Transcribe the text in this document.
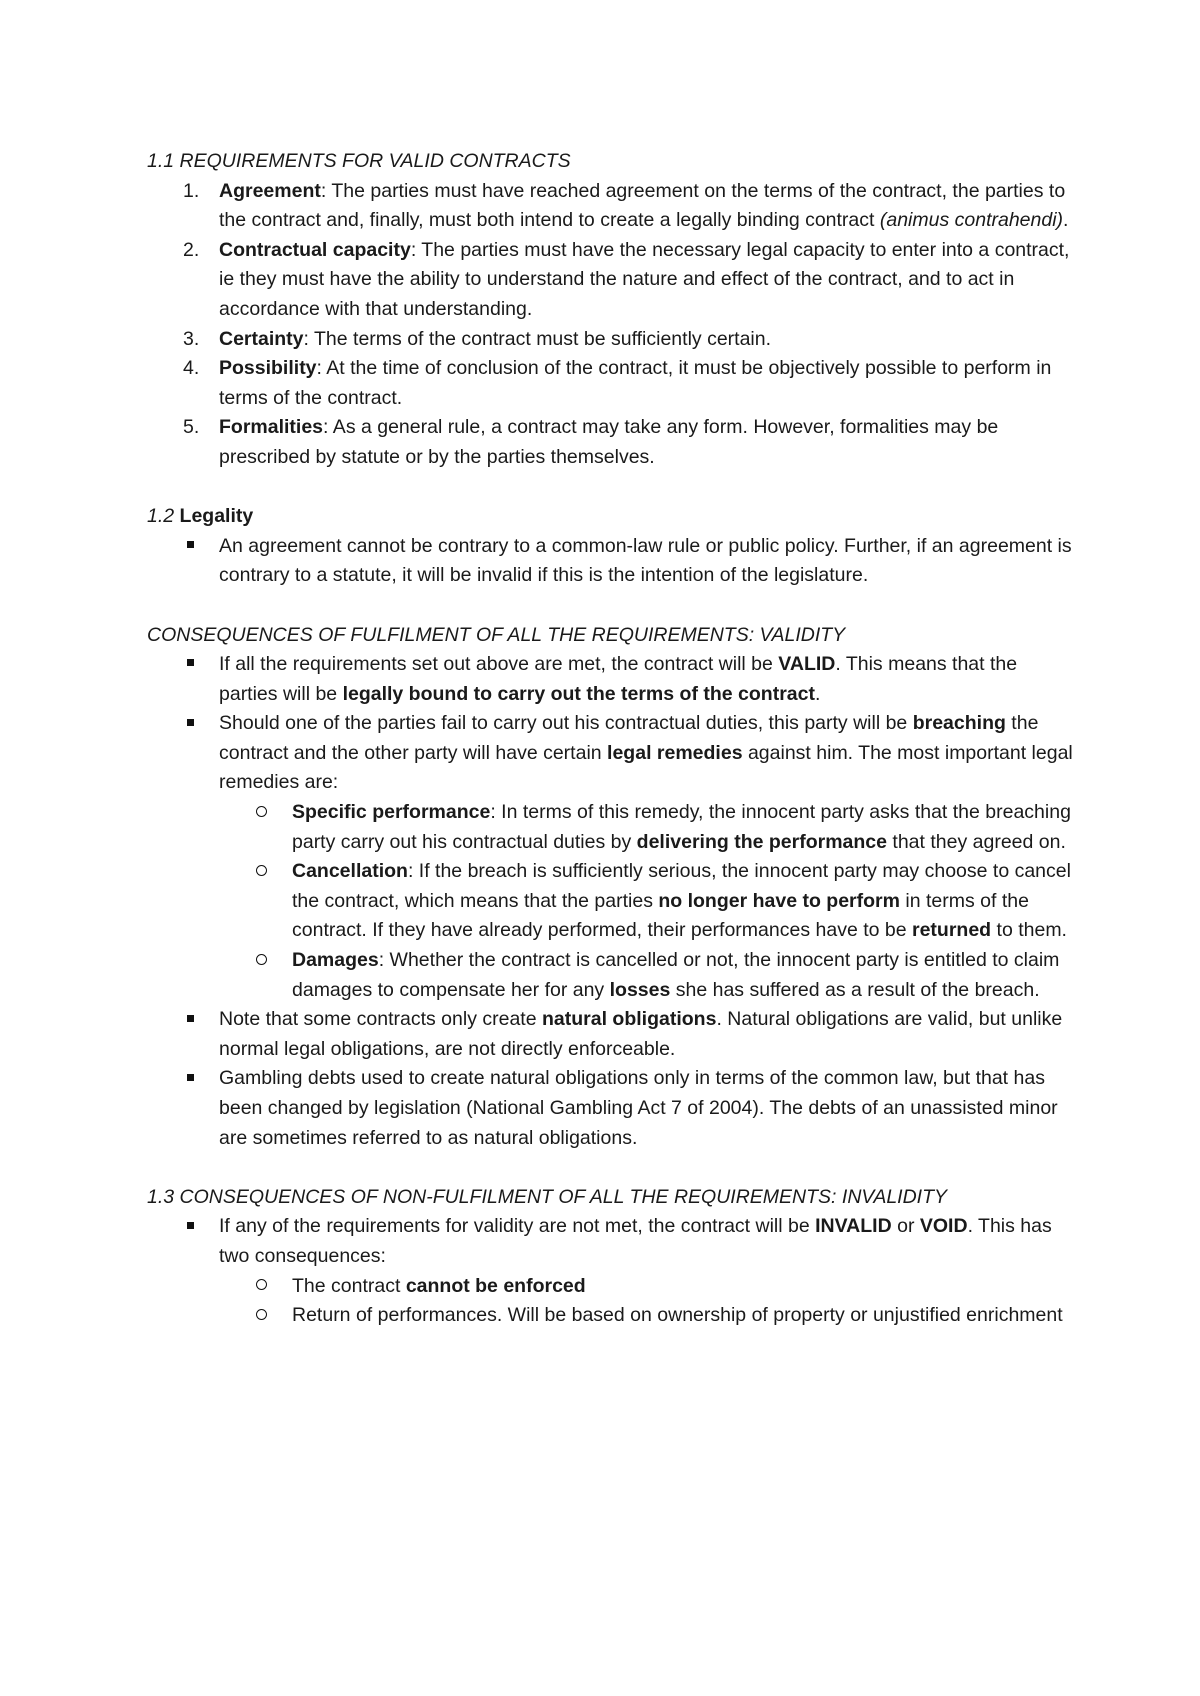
1.1 REQUIREMENTS FOR VALID CONTRACTS
1.	Agreement: The parties must have reached agreement on the terms of the contract, the parties to the contract and, finally, must both intend to create a legally binding contract (animus contrahendi).
2.	Contractual capacity: The parties must have the necessary legal capacity to enter into a contract, ie they must have the ability to understand the nature and effect of the contract, and to act in accordance with that understanding.
3.	Certainty: The terms of the contract must be sufficiently certain.
4.	Possibility: At the time of conclusion of the contract, it must be objectively possible to perform in terms of the contract.
5.	Formalities: As a general rule, a contract may take any form. However, formalities may be prescribed by statute or by the parties themselves.
1.2 Legality
An agreement cannot be contrary to a common-law rule or public policy. Further, if an agreement is contrary to a statute, it will be invalid if this is the intention of the legislature.
CONSEQUENCES OF FULFILMENT OF ALL THE REQUIREMENTS: VALIDITY
If all the requirements set out above are met, the contract will be VALID. This means that the parties will be legally bound to carry out the terms of the contract.
Should one of the parties fail to carry out his contractual duties, this party will be breaching the contract and the other party will have certain legal remedies against him. The most important legal remedies are:
Specific performance: In terms of this remedy, the innocent party asks that the breaching party carry out his contractual duties by delivering the performance that they agreed on.
Cancellation: If the breach is sufficiently serious, the innocent party may choose to cancel the contract, which means that the parties no longer have to perform in terms of the contract. If they have already performed, their performances have to be returned to them.
Damages: Whether the contract is cancelled or not, the innocent party is entitled to claim damages to compensate her for any losses she has suffered as a result of the breach.
Note that some contracts only create natural obligations. Natural obligations are valid, but unlike normal legal obligations, are not directly enforceable.
Gambling debts used to create natural obligations only in terms of the common law, but that has been changed by legislation (National Gambling Act 7 of 2004). The debts of an unassisted minor are sometimes referred to as natural obligations.
1.3 CONSEQUENCES OF NON-FULFILMENT OF ALL THE REQUIREMENTS: INVALIDITY
If any of the requirements for validity are not met, the contract will be INVALID or VOID. This has two consequences:
The contract cannot be enforced
Return of performances. Will be based on ownership of property or unjustified enrichment
